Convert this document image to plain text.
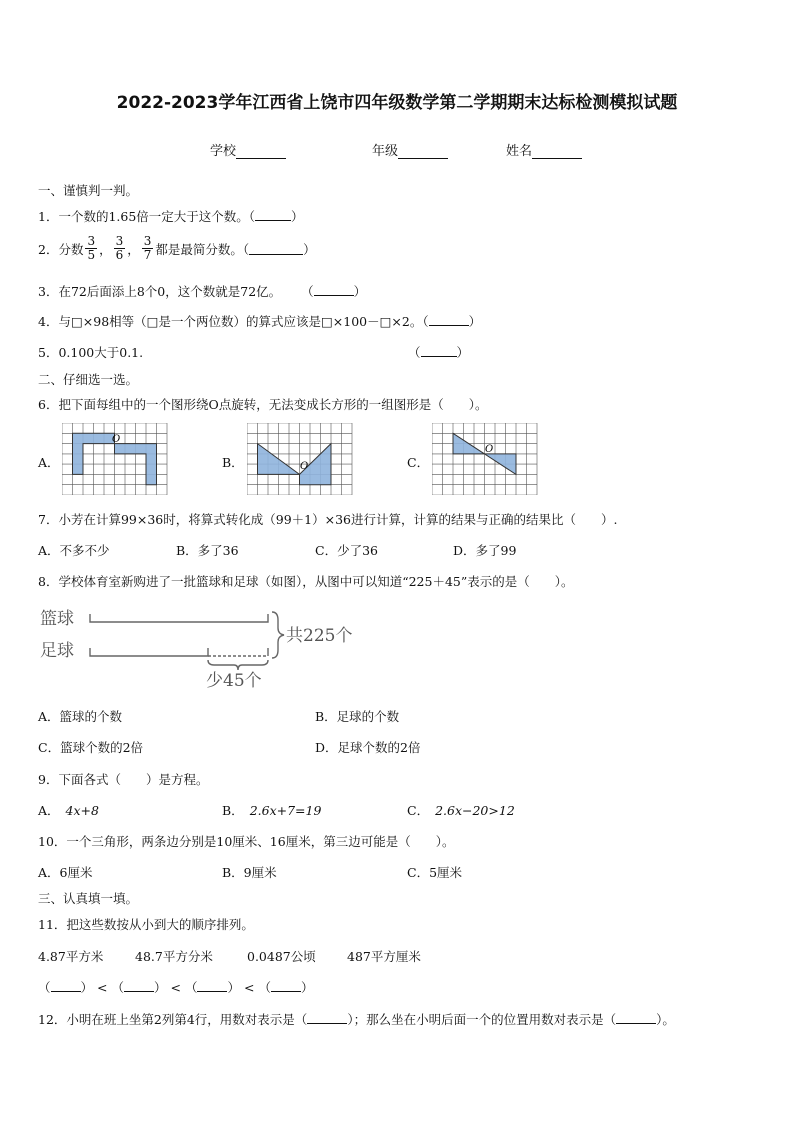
2022-2023学年江西省上饶市四年级数学第二学期期末达标检测模拟试题
学校	年级	姓名
一、谨慎判一判。
1．一个数的1.65倍一定大于这个数。（	）
2．分数 $\frac{3}{5}$ ， $\frac{3}{6}$ ， $\frac{3}{7}$ 都是最简分数。（	）
3．在72后面添上8个0，这个数就是72亿。 （	）
4．与□×98相等（□是一个两位数）的算式应该是□×100－□×2。（	）
5．0.100大于0.1.	（	）
二、仔细选一选。
6．把下面每组中的一个图形绕O点旋转，无法变成长方形的一组图形是（　　）。
A．
O
B．	O	C．
O
7．小芳在计算99×36时，将算式转化成（99＋1）×36进行计算，计算的结果与正确的结果比（　　）.
A．不多不少	B．多了36	C．少了36	D．多了99
8．学校体育室新购进了一批篮球和足球（如图），从图中可以知道“225＋45”表示的是（　　）。
篮球
足球
共225个
少45个
A．篮球的个数	B．足球的个数
C．篮球个数的2倍	D．足球个数的2倍
9．下面各式（　　）是方程。
A． 4x+8	B． 2.6x+7=19	C． 2.6x−20>12
10．一个三角形，两条边分别是10厘米、16厘米，第三边可能是（　　）。
A．6厘米	B．9厘米	C．5厘米
三、认真填一填。
11．把这些数按从小到大的顺序排列。
4.87平方米	48.7平方分米	0.0487公顷	487平方厘米
（ ） < （ ） < （ ） < （ ）
12．小明在班上坐第2列第4行，用数对表示是（	）；那么坐在小明后面一个的位置用数对表示是（	）。
